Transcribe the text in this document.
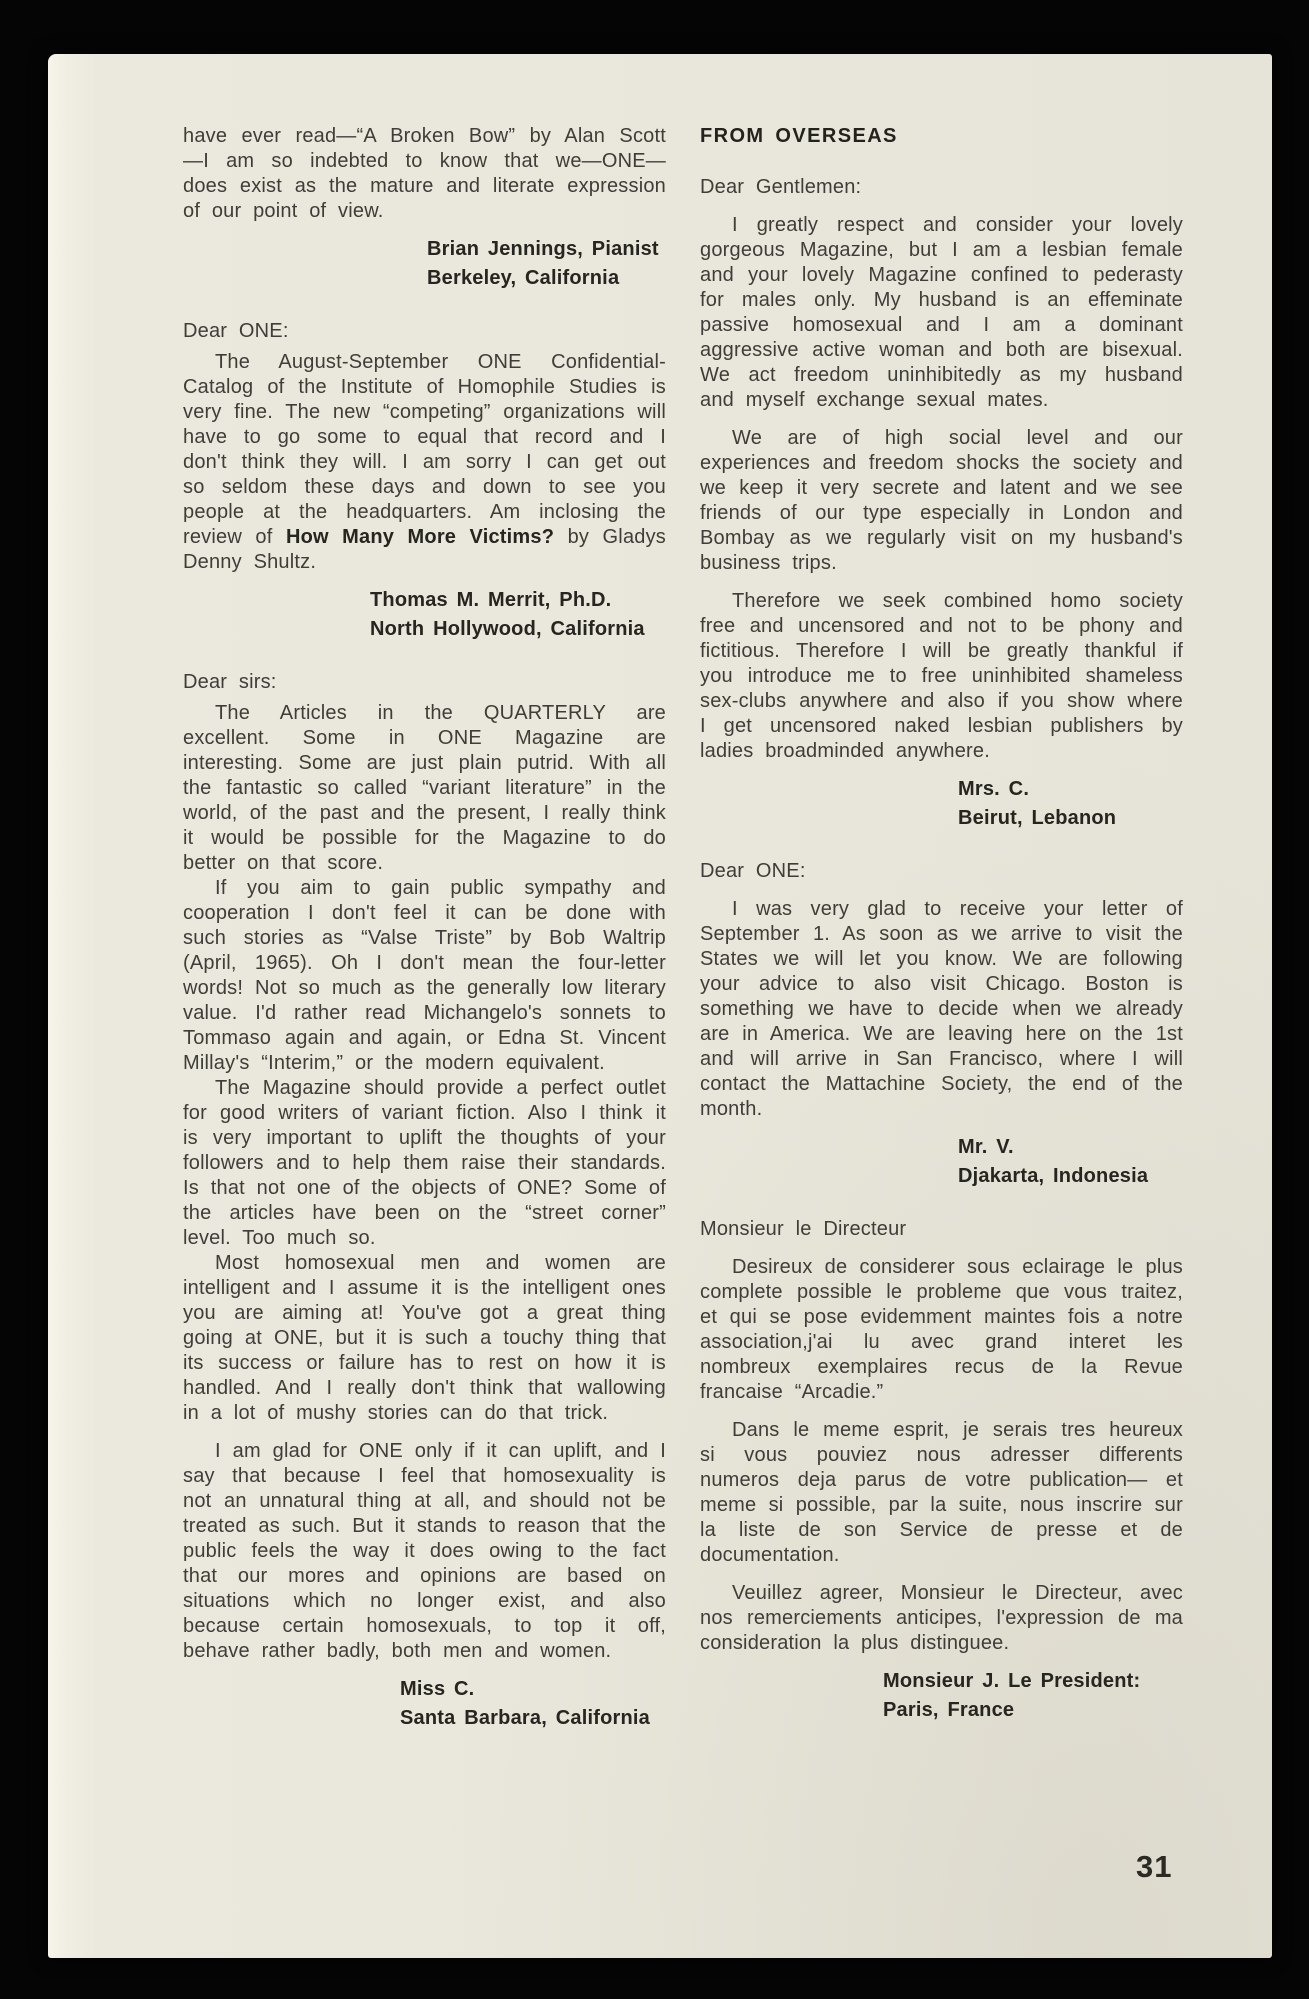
have ever read—“A Broken Bow” by Alan Scott—I am so indebted to know that we—ONE—does exist as the mature and literate expression of our point of view.

Brian Jennings, Pianist
Berkeley, California
Dear ONE:

The August-September ONE Confidential-Catalog of the Institute of Homophile Studies is very fine. The new “competing” organizations will have to go some to equal that record and I don't think they will. I am sorry I can get out so seldom these days and down to see you people at the headquarters. Am inclosing the review of How Many More Victims? by Gladys Denny Shultz.

Thomas M. Merrit, Ph.D.
North Hollywood, California
Dear sirs:

The Articles in the QUARTERLY are excellent. Some in ONE Magazine are interesting. Some are just plain putrid. With all the fantastic so called “variant literature” in the world, of the past and the present, I really think it would be possible for the Magazine to do better on that score.

If you aim to gain public sympathy and cooperation I don't feel it can be done with such stories as “Valse Triste” by Bob Waltrip (April, 1965). Oh I don't mean the four-letter words! Not so much as the generally low literary value. I'd rather read Michangelo's sonnets to Tommaso again and again, or Edna St. Vincent Millay's “Interim,” or the modern equivalent.

The Magazine should provide a perfect outlet for good writers of variant fiction. Also I think it is very important to uplift the thoughts of your followers and to help them raise their standards. Is that not one of the objects of ONE? Some of the articles have been on the “street corner” level. Too much so.

Most homosexual men and women are intelligent and I assume it is the intelligent ones you are aiming at! You've got a great thing going at ONE, but it is such a touchy thing that its success or failure has to rest on how it is handled. And I really don't think that wallowing in a lot of mushy stories can do that trick.

I am glad for ONE only if it can uplift, and I say that because I feel that homosexuality is not an unnatural thing at all, and should not be treated as such. But it stands to reason that the public feels the way it does owing to the fact that our mores and opinions are based on situations which no longer exist, and also because certain homosexuals, to top it off, behave rather badly, both men and women.

Miss C.
Santa Barbara, California
FROM OVERSEAS
Dear Gentlemen:

I greatly respect and consider your lovely gorgeous Magazine, but I am a lesbian female and your lovely Magazine confined to pederasty for males only. My husband is an effeminate passive homosexual and I am a dominant aggressive active woman and both are bisexual. We act freedom uninhibitedly as my husband and myself exchange sexual mates.

We are of high social level and our experiences and freedom shocks the society and we keep it very secrete and latent and we see friends of our type especially in London and Bombay as we regularly visit on my husband's business trips.

Therefore we seek combined homo society free and uncensored and not to be phony and fictitious. Therefore I will be greatly thankful if you introduce me to free uninhibited shameless sex-clubs anywhere and also if you show where I get uncensored naked lesbian publishers by ladies broadminded anywhere.

Mrs. C.
Beirut, Lebanon
Dear ONE:

I was very glad to receive your letter of September 1. As soon as we arrive to visit the States we will let you know. We are following your advice to also visit Chicago. Boston is something we have to decide when we already are in America. We are leaving here on the 1st and will arrive in San Francisco, where I will contact the Mattachine Society, the end of the month.

Mr. V.
Djakarta, Indonesia
Monsieur le Directeur

Desireux de considerer sous eclairage le plus complete possible le probleme que vous traitez, et qui se pose evidemment maintes fois a notre association,j'ai lu avec grand interet les nombreux exemplaires recus de la Revue francaise “Arcadie.”

Dans le meme esprit, je serais tres heureux si vous pouviez nous adresser differents numeros deja parus de votre publication— et meme si possible, par la suite, nous inscrire sur la liste de son Service de presse et de documentation.

Veuillez agreer, Monsieur le Directeur, avec nos remerciements anticipes, l'expression de ma consideration la plus distinguee.

Monsieur J. Le President:
Paris, France
31
